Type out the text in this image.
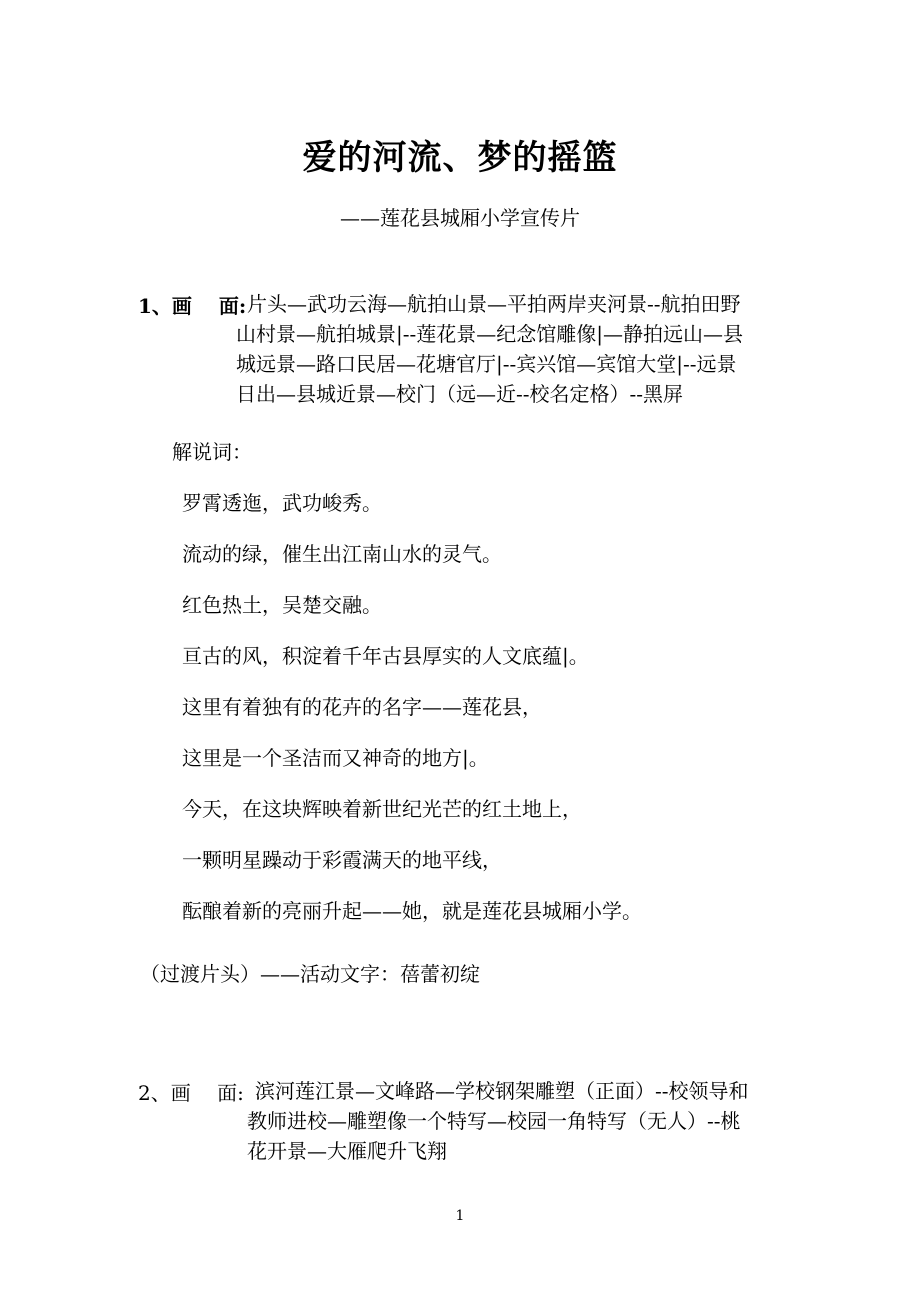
爱的河流、梦的摇篮
——莲花县城厢小学宣传片
1、画　 面: 片头—武功云海—航拍山景—平拍两岸夹河景--航拍田野
山村景—航拍城景|--莲花景—纪念馆雕像|—静拍远山—县
城远景—路口民居—花塘官厅|--宾兴馆—宾馆大堂|--远景
日出—县城近景—校门（远—近--校名定格）--黑屏
解说词：
罗霄透迤，武功峻秀。
流动的绿，催生出江南山水的灵气。
红色热土，吴楚交融。
亘古的风，积淀着千年古县厚实的人文底蕴|。
这里有着独有的花卉的名字——莲花县，
这里是一个圣洁而又神奇的地方|。
今天，在这块辉映着新世纪光芒的红土地上，
一颗明星躁动于彩霞满天的地平线，
酝酿着新的亮丽升起——她，就是莲花县城厢小学。
（过渡片头）——活动文字：蓓蕾初绽
2、画　 面: 滨河莲江景—文峰路—学校钢架雕塑（正面）--校领导和
教师进校—雕塑像一个特写—校园一角特写（无人）--桃
花开景—大雁爬升飞翔
1
